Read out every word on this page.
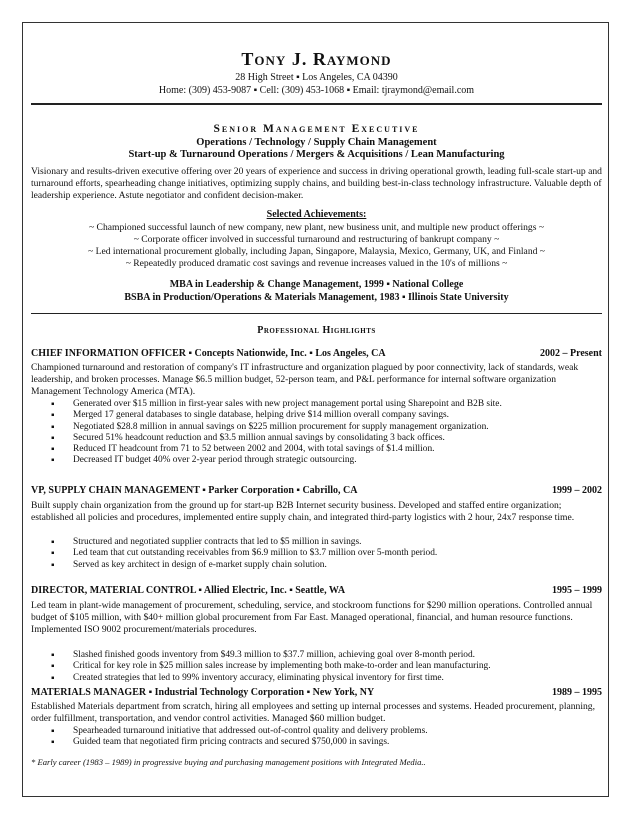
Tony J. Raymond
28 High Street ▪ Los Angeles, CA 04390
Home: (309) 453-9087 ▪ Cell: (309) 453-1068 ▪ Email: tjraymond@email.com
Senior Management Executive
Operations / Technology / Supply Chain Management
Start-up & Turnaround Operations / Mergers & Acquisitions / Lean Manufacturing
Visionary and results-driven executive offering over 20 years of experience and success in driving operational growth, leading full-scale start-up and turnaround efforts, spearheading change initiatives, optimizing supply chains, and building best-in-class technology infrastructure. Valuable depth of leadership experience. Astute negotiator and confident decision-maker.
Selected Achievements:
~ Championed successful launch of new company, new plant, new business unit, and multiple new product offerings ~
~ Corporate officer involved in successful turnaround and restructuring of bankrupt company ~
~ Led international procurement globally, including Japan, Singapore, Malaysia, Mexico, Germany, UK, and Finland ~
~ Repeatedly produced dramatic cost savings and revenue increases valued in the 10's of millions ~
MBA in Leadership & Change Management, 1999 ▪ National College
BSBA in Production/Operations & Materials Management, 1983 ▪ Illinois State University
Professional Highlights
CHIEF INFORMATION OFFICER ▪ Concepts Nationwide, Inc. ▪ Los Angeles, CA	2002 – Present
Championed turnaround and restoration of company's IT infrastructure and organization plagued by poor connectivity, lack of standards, weak leadership, and broken processes. Manage $6.5 million budget, 52-person team, and P&L performance for internal software organization Management Technology America (MTA).
▪ Generated over $15 million in first-year sales with new project management portal using Sharepoint and B2B site.
▪ Merged 17 general databases to single database, helping drive $14 million overall company savings.
▪ Negotiated $28.8 million in annual savings on $225 million procurement for supply management organization.
▪ Secured 51% headcount reduction and $3.5 million annual savings by consolidating 3 back offices.
▪ Reduced IT headcount from 71 to 52 between 2002 and 2004, with total savings of $1.4 million.
▪ Decreased IT budget 40% over 2-year period through strategic outsourcing.
VP, SUPPLY CHAIN MANAGEMENT ▪ Parker Corporation ▪ Cabrillo, CA	1999 – 2002
Built supply chain organization from the ground up for start-up B2B Internet security business. Developed and staffed entire organization; established all policies and procedures, implemented entire supply chain, and integrated third-party logistics with 2 hour, 24x7 response time.
▪ Structured and negotiated supplier contracts that led to $5 million in savings.
▪ Led team that cut outstanding receivables from $6.9 million to $3.7 million over 5-month period.
▪ Served as key architect in design of e-market supply chain solution.
DIRECTOR, MATERIAL CONTROL ▪ Allied Electric, Inc. ▪ Seattle, WA	1995 – 1999
Led team in plant-wide management of procurement, scheduling, service, and stockroom functions for $290 million operations. Controlled annual budget of $105 million, with $40+ million global procurement from Far East. Managed operational, financial, and human resource functions. Implemented ISO 9002 procurement/materials procedures.
▪ Slashed finished goods inventory from $49.3 million to $37.7 million, achieving goal over 8-month period.
▪ Critical for key role in $25 million sales increase by implementing both make-to-order and lean manufacturing.
▪ Created strategies that led to 99% inventory accuracy, eliminating physical inventory for first time.
MATERIALS MANAGER ▪ Industrial Technology Corporation ▪ New York, NY	1989 – 1995
Established Materials department from scratch, hiring all employees and setting up internal processes and systems. Headed procurement, planning, order fulfillment, transportation, and vendor control activities. Managed $60 million budget.
▪ Spearheaded turnaround initiative that addressed out-of-control quality and delivery problems.
▪ Guided team that negotiated firm pricing contracts and secured $750,000 in savings.
* Early career (1983 – 1989) in progressive buying and purchasing management positions with Integrated Media..
